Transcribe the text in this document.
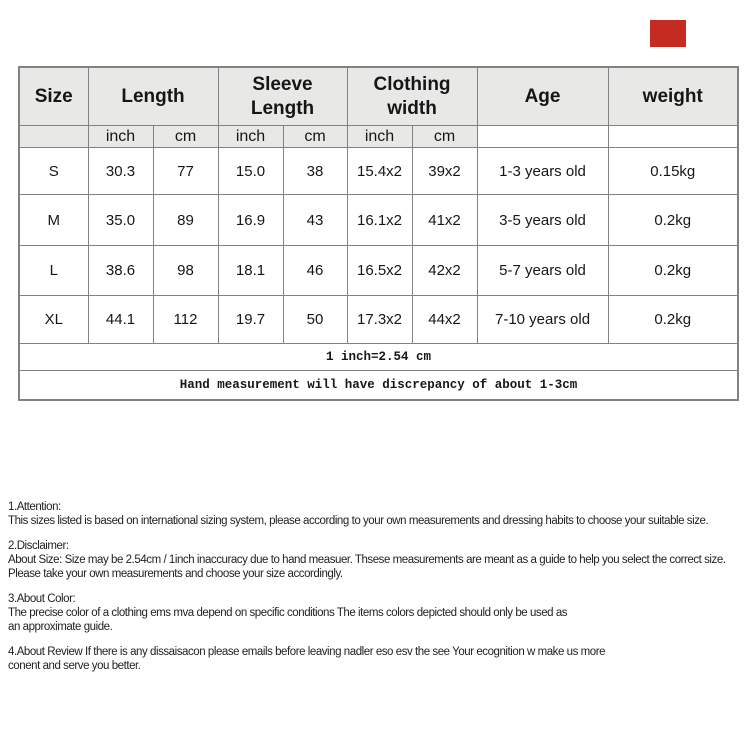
Size	Length		Sleeve Length		Clothing width		Age	weight
	inch	cm	inch	cm	inch	cm		
S	30.3	77	15.0	38	15.4x2	39x2	1-3 years old	0.15kg
M	35.0	89	16.9	43	16.1x2	41x2	3-5 years old	0.2kg
L	38.6	98	18.1	46	16.5x2	42x2	5-7 years old	0.2kg
XL	44.1	112	19.7	50	17.3x2	44x2	7-10 years old	0.2kg
1 inch=2.54 cm								
Hand measurement will have discrepancy of about 1-3cm								
1.Attention:
This sizes listed is based on international sizing system, please according to your own measurements and dressing habits to choose your suitable size.
2.Disclaimer:
About Size: Size may be 2.54cm / 1inch inaccuracy due to hand measuer. Thsese measurements are meant as a guide to help you select the correct size.
Please take your own measurements and choose your size accordingly.
3.About Color:
The precise color of a clothing ems mva depend on specific conditions The items colors depicted should only be used as
an approximate guide.
4.About Review If there is any dissaisacon please emails before leaving nadler eso esv the see Your ecognition w make us more
conent and serve you better.
